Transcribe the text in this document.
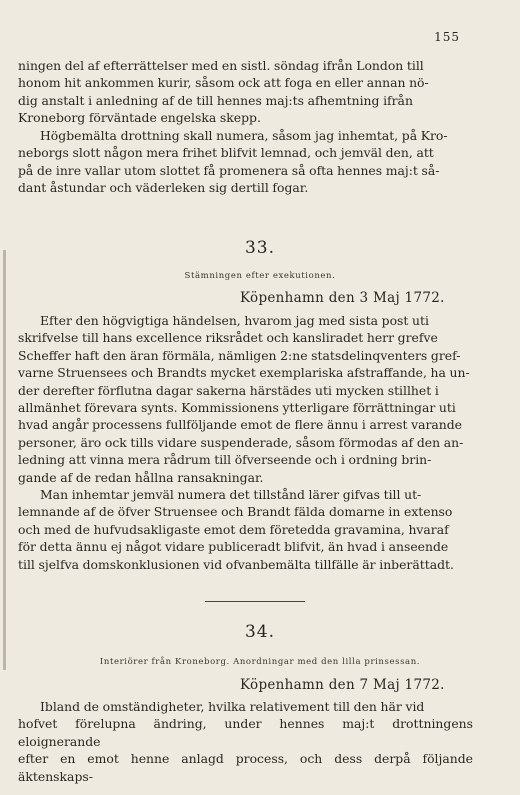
155

ningen del af efterrättelser med en sistl. söndag ifrån London till

honom hit ankommen kurir, såsom ock att foga en eller annan nö-

dig anstalt i anledning af de till hennes maj:ts afhemtning ifrån

Kroneborg förväntade engelska skepp.

Högbemälta drottning skall numera, såsom jag inhemtat, på Kro-

neborgs slott någon mera frihet blifvit lemnad, och jemväl den, att

på de inre vallar utom slottet få promenera så ofta hennes maj:t så-

dant åstundar och väderleken sig dertill fogar.

33.
Stämningen efter exekutionen.
Köpenhamn den 3 Maj 1772.

Efter den högvigtiga händelsen, hvarom jag med sista post uti

skrifvelse till hans excellence riksrådet och kansliradet herr grefve

Scheffer haft den äran förmäla, nämligen 2:ne statsdelinqventers gref-

varne Struensees och Brandts mycket exemplariska afstraffande, ha un-

der derefter förflutna dagar sakerna härstädes uti mycken stillhet i

allmänhet förevara synts. Kommissionens ytterligare förrättningar uti

hvad angår processens fullföljande emot de flere ännu i arrest varande

personer, äro ock tills vidare suspenderade, såsom förmodas af den an-

ledning att vinna mera rådrum till öfverseende och i ordning brin-

gande af de redan hållna ransakningar.

Man inhemtar jemväl numera det tillstånd lärer gifvas till ut-

lemnande af de öfver Struensee och Brandt fälda domarne in extenso

och med de hufvudsakligaste emot dem företedda gravamina, hvaraf

för detta ännu ej något vidare publiceradt blifvit, än hvad i anseende

till sjelfva domskonklusionen vid ofvanbemälta tillfälle är inberättadt.

34.
Interiörer från Kroneborg. Anordningar med den lilla prinsessan.
Köpenhamn den 7 Maj 1772.

Ibland de omständigheter, hvilka relativement till den här vid

hofvet förelupna ändring, under hennes maj:t drottningens eloignerande

efter en emot henne anlagd process, och dess derpå följande äktenskaps-
